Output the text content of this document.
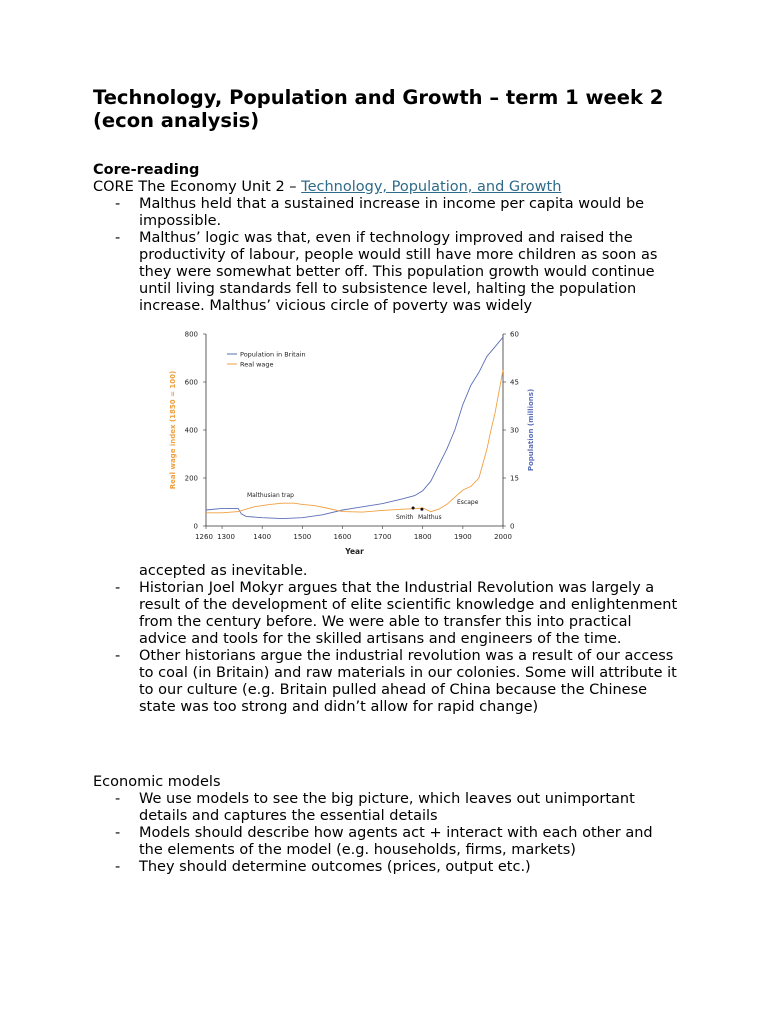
Technology, Population and Growth – term 1 week 2 (econ analysis)
Core-reading
CORE The Economy Unit 2 – Technology, Population, and Growth
- Malthus held that a sustained increase in income per capita would be impossible.
- Malthus’ logic was that, even if technology improved and raised the productivity of labour, people would still have more children as soon as they were somewhat better off. This population growth would continue until living standards fell to subsistence level, halting the population increase. Malthus’ vicious circle of poverty was widely
0
200
400
600
800
0
15
30
45
60
1260 1300	1400	1500	1600	1700	1800	1900	2000
Year
Real wage index (1850 = 100)	Population (millions)
Population in Britain
Real wage
Malthusian trap
Escape
Smith Malthus
accepted as inevitable.
- Historian Joel Mokyr argues that the Industrial Revolution was largely a result of the development of elite scientific knowledge and enlightenment from the century before. We were able to transfer this into practical advice and tools for the skilled artisans and engineers of the time.
- Other historians argue the industrial revolution was a result of our access to coal (in Britain) and raw materials in our colonies. Some will attribute it to our culture (e.g. Britain pulled ahead of China because the Chinese state was too strong and didn’t allow for rapid change)
Economic models
- We use models to see the big picture, which leaves out unimportant details and captures the essential details
- Models should describe how agents act + interact with each other and the elements of the model (e.g. households, firms, markets)
- They should determine outcomes (prices, output etc.)
